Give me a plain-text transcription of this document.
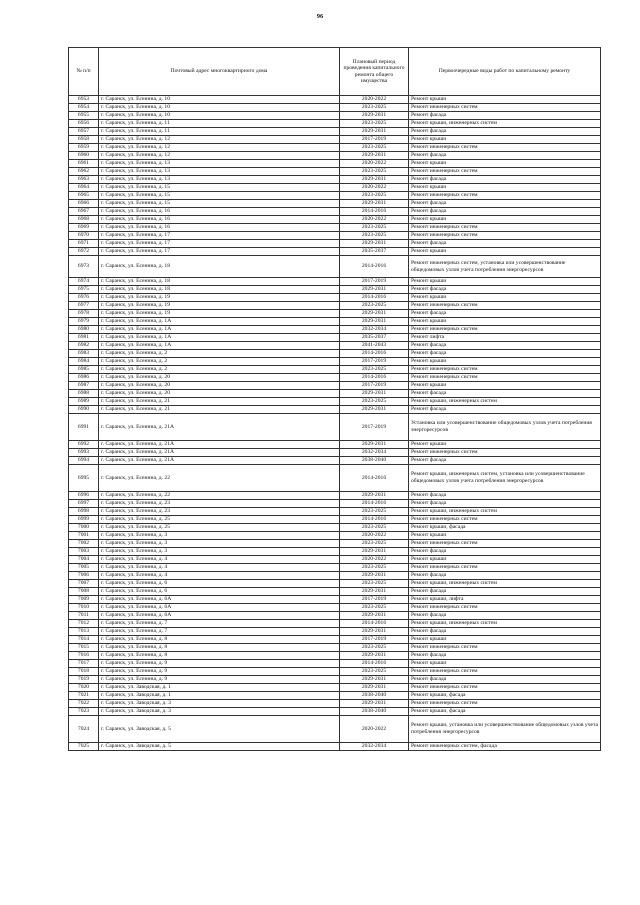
96
№ п/п	Почтовый адрес многоквартирного дома	Плановый период проведения капитального ремонта общего имущества	Первоочередные виды работ по капитальному ремонту
6953	г. Саранск, ул. Есенина, д. 10	2020-2022	Ремонт крыши
6954	г. Саранск, ул. Есенина, д. 10	2023-2025	Ремонт инженерных систем
6955	г. Саранск, ул. Есенина, д. 10	2029-2031	Ремонт фасада
6956	г. Саранск, ул. Есенина, д. 11	2023-2025	Ремонт крыши, инженерных систем
6957	г. Саранск, ул. Есенина, д. 11	2029-2031	Ремонт фасада
6958	г. Саранск, ул. Есенина, д. 12	2017-2019	Ремонт крыши
6959	г. Саранск, ул. Есенина, д. 12	2023-2025	Ремонт инженерных систем
6960	г. Саранск, ул. Есенина, д. 12	2029-2031	Ремонт фасада
6961	г. Саранск, ул. Есенина, д. 13	2020-2022	Ремонт крыши
6962	г. Саранск, ул. Есенина, д. 13	2023-2025	Ремонт инженерных систем
6963	г. Саранск, ул. Есенина, д. 13	2029-2031	Ремонт фасада
6964	г. Саранск, ул. Есенина, д. 15	2020-2022	Ремонт крыши
6965	г. Саранск, ул. Есенина, д. 15	2023-2025	Ремонт инженерных систем
6966	г. Саранск, ул. Есенина, д. 15	2029-2031	Ремонт фасада
6967	г. Саранск, ул. Есенина, д. 16	2014-2016	Ремонт фасада
6968	г. Саранск, ул. Есенина, д. 16	2020-2022	Ремонт крыши
6969	г. Саранск, ул. Есенина, д. 16	2023-2025	Ремонт инженерных систем
6970	г. Саранск, ул. Есенина, д. 17	2023-2025	Ремонт инженерных систем
6971	г. Саранск, ул. Есенина, д. 17	2029-2031	Ремонт фасада
6972	г. Саранск, ул. Есенина, д. 17	2035-2037	Ремонт крыши
6973	г. Саранск, ул. Есенина, д. 18	2014-2016	Ремонт инженерных систем, установка или усовершенствование общедомовых узлов учета потребления энергоресурсов
6974	г. Саранск, ул. Есенина, д. 18	2017-2019	Ремонт крыши
6975	г. Саранск, ул. Есенина, д. 18	2029-2031	Ремонт фасада
6976	г. Саранск, ул. Есенина, д. 19	2014-2016	Ремонт крыши
6977	г. Саранск, ул. Есенина, д. 19	2023-2025	Ремонт инженерных систем
6978	г. Саранск, ул. Есенина, д. 19	2029-2031	Ремонт фасада
6979	г. Саранск, ул. Есенина, д. 1А	2029-2031	Ремонт крыши
6980	г. Саранск, ул. Есенина, д. 1А	2032-2034	Ремонт инженерных систем
6981	г. Саранск, ул. Есенина, д. 1А	2035-2037	Ремонт лифта
6982	г. Саранск, ул. Есенина, д. 1А	2041-2043	Ремонт фасада
6983	г. Саранск, ул. Есенина, д. 2	2014-2016	Ремонт фасада
6984	г. Саранск, ул. Есенина, д. 2	2017-2019	Ремонт крыши
6985	г. Саранск, ул. Есенина, д. 2	2023-2025	Ремонт инженерных систем
6986	г. Саранск, ул. Есенина, д. 20	2014-2016	Ремонт инженерных систем
6987	г. Саранск, ул. Есенина, д. 20	2017-2019	Ремонт крыши
6988	г. Саранск, ул. Есенина, д. 20	2029-2031	Ремонт фасада
6989	г. Саранск, ул. Есенина, д. 21	2023-2025	Ремонт крыши, инженерных систем
6990	г. Саранск, ул. Есенина, д. 21	2029-2031	Ремонт фасада
6991	г. Саранск, ул. Есенина, д. 21А	2017-2019	Установка или усовершенствование общедомовых узлов учета потребления энергоресурсов
6992	г. Саранск, ул. Есенина, д. 21А	2029-2031	Ремонт крыши
6993	г. Саранск, ул. Есенина, д. 21А	2032-2034	Ремонт инженерных систем
6994	г. Саранск, ул. Есенина, д. 21А	2038-2040	Ремонт фасада
6995	г. Саранск, ул. Есенина, д. 22	2014-2016	Ремонт крыши, инженерных систем, установка или усовершенствование общедомовых узлов учета потребления энергоресурсов
6996	г. Саранск, ул. Есенина, д. 22	2029-2031	Ремонт фасада
6997	г. Саранск, ул. Есенина, д. 23	2014-2016	Ремонт фасада
6998	г. Саранск, ул. Есенина, д. 23	2023-2025	Ремонт крыши, инженерных систем
6999	г. Саранск, ул. Есенина, д. 25	2014-2016	Ремонт инженерных систем
7000	г. Саранск, ул. Есенина, д. 25	2023-2025	Ремонт крыши, фасада
7001	г. Саранск, ул. Есенина, д. 3	2020-2022	Ремонт крыши
7002	г. Саранск, ул. Есенина, д. 3	2023-2025	Ремонт инженерных систем
7003	г. Саранск, ул. Есенина, д. 3	2029-2031	Ремонт фасада
7004	г. Саранск, ул. Есенина, д. 4	2020-2022	Ремонт крыши
7005	г. Саранск, ул. Есенина, д. 4	2023-2025	Ремонт инженерных систем
7006	г. Саранск, ул. Есенина, д. 4	2029-2031	Ремонт фасада
7007	г. Саранск, ул. Есенина, д. 6	2023-2025	Ремонт крыши, инженерных систем
7008	г. Саранск, ул. Есенина, д. 6	2029-2031	Ремонт фасада
7009	г. Саранск, ул. Есенина, д. 6А	2017-2019	Ремонт крыши, лифта
7010	г. Саранск, ул. Есенина, д. 6А	2023-2025	Ремонт инженерных систем
7011	г. Саранск, ул. Есенина, д. 6А	2029-2031	Ремонт фасада
7012	г. Саранск, ул. Есенина, д. 7	2014-2016	Ремонт крыши, инженерных систем
7013	г. Саранск, ул. Есенина, д. 7	2029-2031	Ремонт фасада
7014	г. Саранск, ул. Есенина, д. 8	2017-2019	Ремонт крыши
7015	г. Саранск, ул. Есенина, д. 8	2023-2025	Ремонт инженерных систем
7016	г. Саранск, ул. Есенина, д. 8	2029-2031	Ремонт фасада
7017	г. Саранск, ул. Есенина, д. 9	2014-2016	Ремонт крыши
7018	г. Саранск, ул. Есенина, д. 9	2023-2025	Ремонт инженерных систем
7019	г. Саранск, ул. Есенина, д. 9	2029-2031	Ремонт фасада
7020	г. Саранск, ул. Заводская, д. 1	2029-2031	Ремонт инженерных систем
7021	г. Саранск, ул. Заводская, д. 1	2038-2040	Ремонт крыши, фасада
7022	г. Саранск, ул. Заводская, д. 3	2029-2031	Ремонт инженерных систем
7023	г. Саранск, ул. Заводская, д. 3	2038-2040	Ремонт крыши, фасада
7024	г. Саранск, ул. Заводская, д. 5	2020-2022	Ремонт крыши, установка или усовершенствование общедомовых узлов учета потребления энергоресурсов
7025	г. Саранск, ул. Заводская, д. 5	2032-2034	Ремонт инженерных систем, фасада
